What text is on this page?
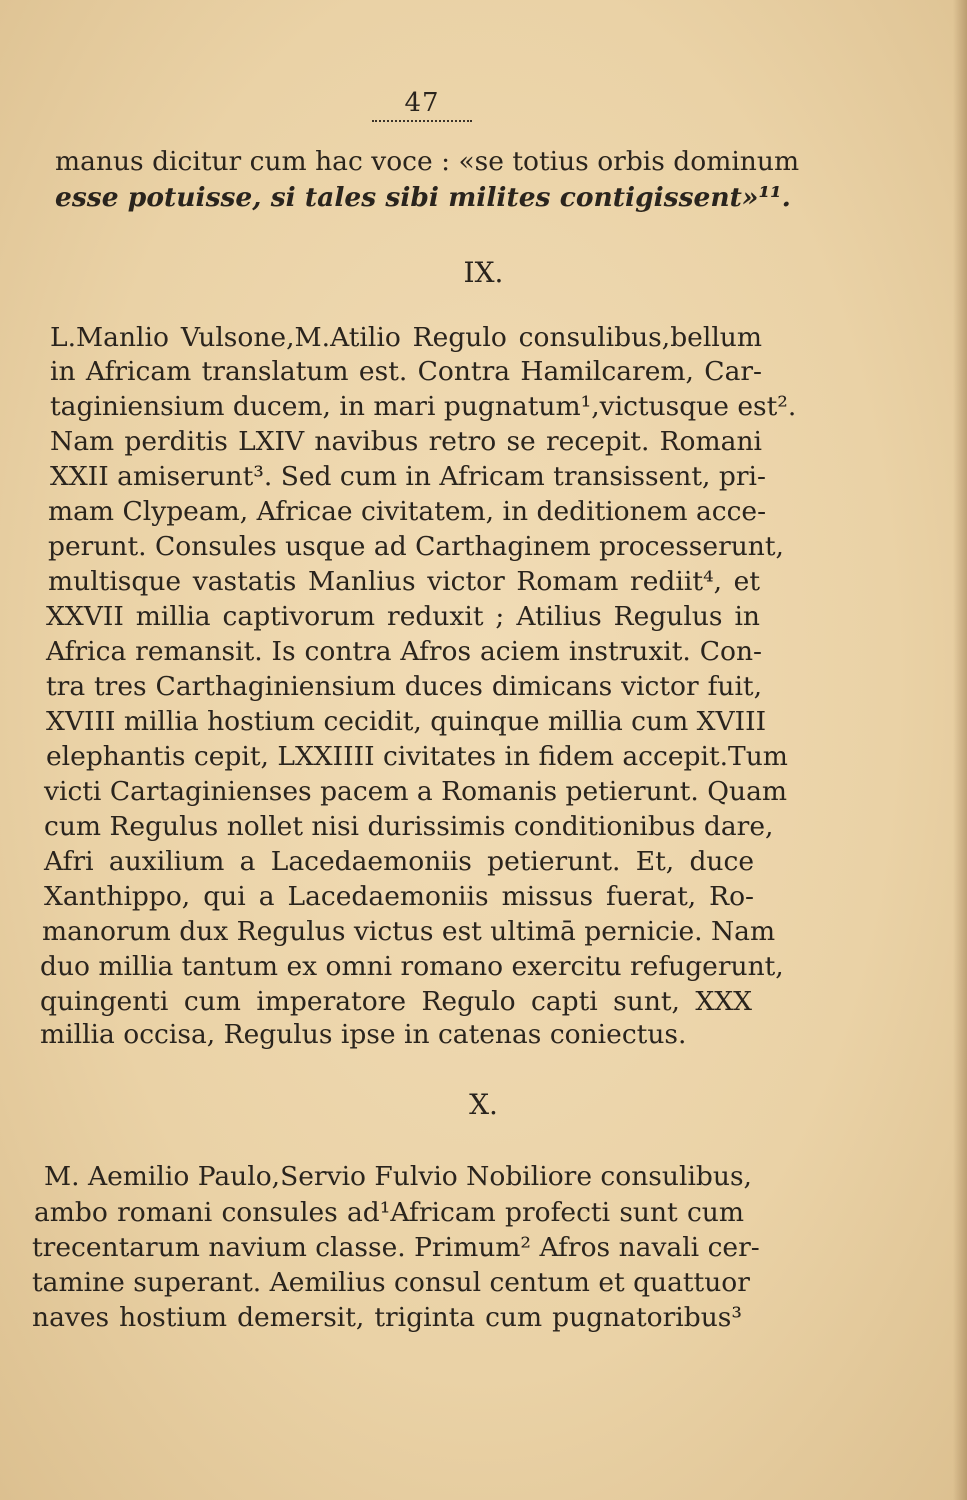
47

manus dicitur cum hac voce : «se totius orbis dominum

esse potuisse, si tales sibi milites contigissent»¹¹.

IX.

L.Manlio Vulsone,M.Atilio Regulo consulibus,bellum

in Africam translatum est. Contra Hamilcarem, Car-

taginiensium ducem, in mari pugnatum¹,victusque est².

Nam perditis LXIV navibus retro se recepit. Romani

XXII amiserunt³. Sed cum in Africam transissent, pri-

mam Clypeam, Africae civitatem, in deditionem acce-

perunt. Consules usque ad Carthaginem processerunt,

multisque vastatis Manlius victor Romam rediit⁴, et

XXVII millia captivorum reduxit ; Atilius Regulus in

Africa remansit. Is contra Afros aciem instruxit. Con-

tra tres Carthaginiensium duces dimicans victor fuit,

XVIII millia hostium cecidit, quinque millia cum XVIII

elephantis cepit, LXXIIII civitates in fidem accepit.Tum

victi Cartaginienses pacem a Romanis petierunt. Quam

cum Regulus nollet nisi durissimis conditionibus dare,

Afri auxilium a Lacedaemoniis petierunt. Et, duce

Xanthippo, qui a Lacedaemoniis missus fuerat, Ro-

manorum dux Regulus victus est ultimā pernicie. Nam

duo millia tantum ex omni romano exercitu refugerunt,

quingenti cum imperatore Regulo capti sunt, XXX

millia occisa, Regulus ipse in catenas coniectus.

X.

M. Aemilio Paulo,Servio Fulvio Nobiliore consulibus,

ambo romani consules ad¹Africam profecti sunt cum

trecentarum navium classe. Primum² Afros navali cer-

tamine superant. Aemilius consul centum et quattuor

naves hostium demersit, triginta cum pugnatoribus³
